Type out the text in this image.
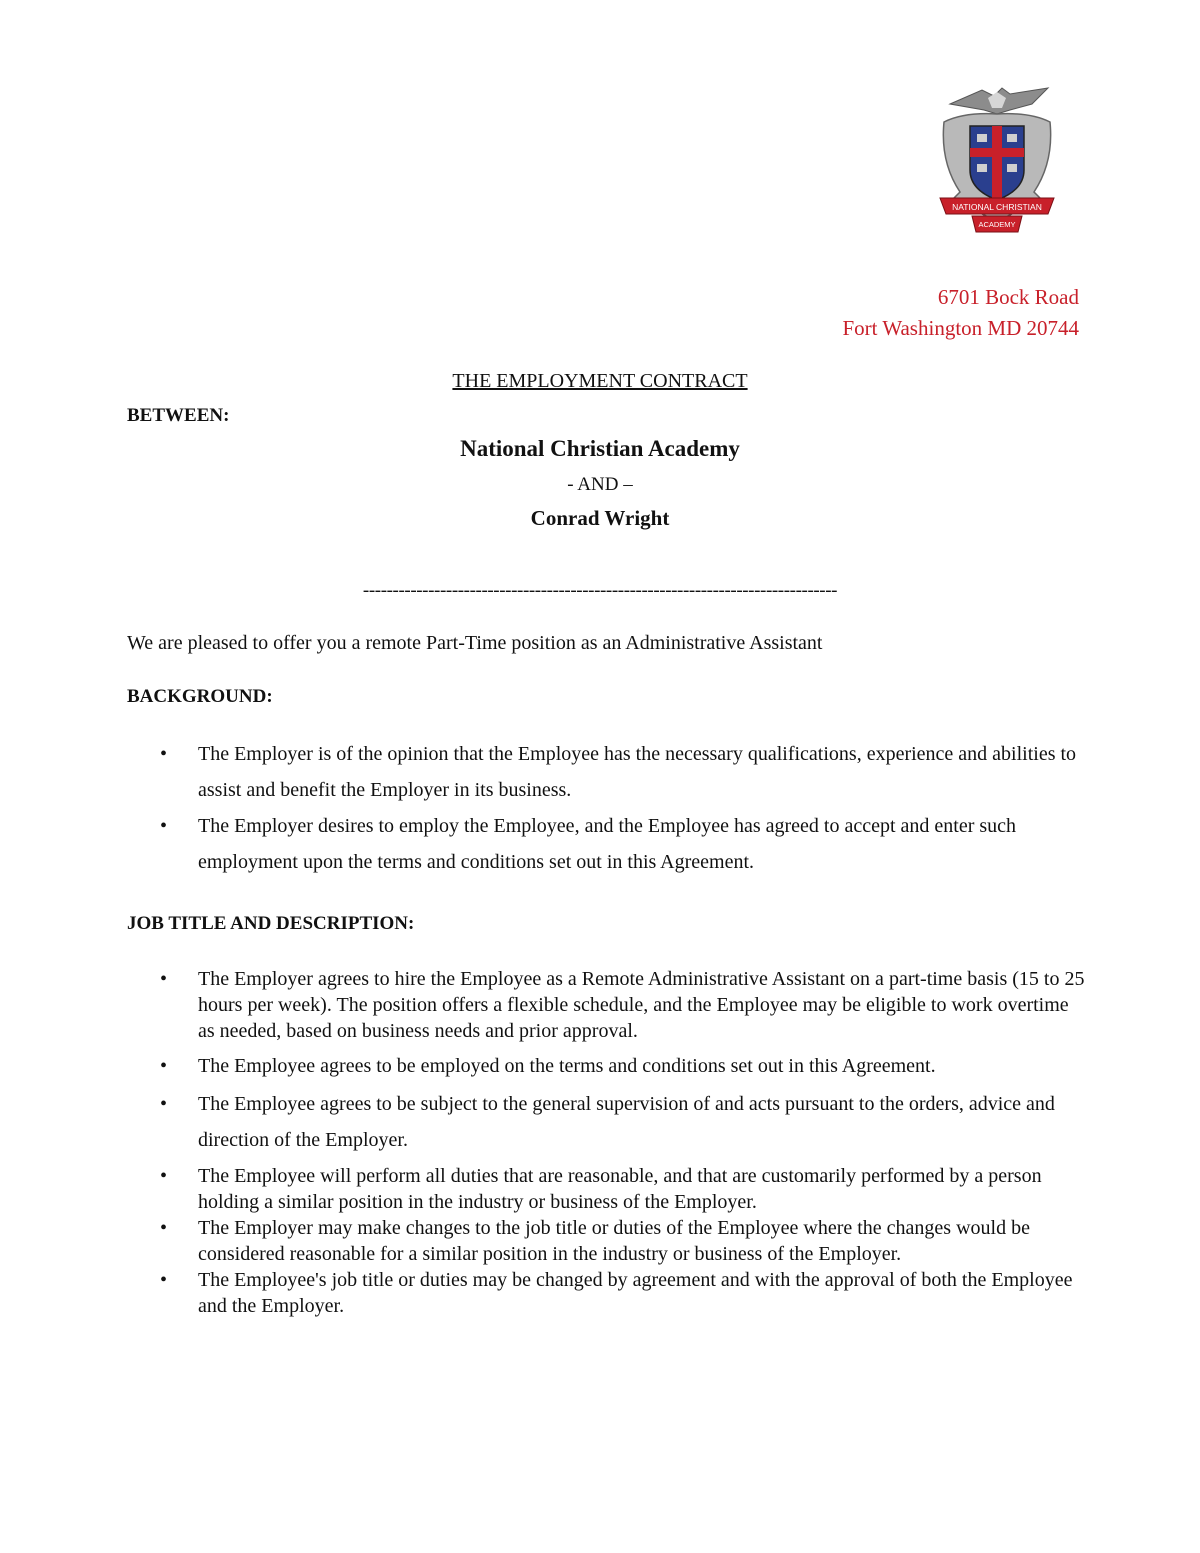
NATIONAL CHRISTIAN
ACADEMY
6701 Bock Road
Fort Washington MD 20744
THE EMPLOYMENT CONTRACT
BETWEEN:
National Christian Academy
- AND –
Conrad Wright
--------------------------------------------------------------------------------
We are pleased to offer you a remote Part-Time position as an Administrative Assistant
BACKGROUND:
• The Employer is of the opinion that the Employee has the necessary qualifications, experience and abilities to assist and benefit the Employer in its business.
• The Employer desires to employ the Employee, and the Employee has agreed to accept and enter such employment upon the terms and conditions set out in this Agreement.
JOB TITLE AND DESCRIPTION:
• The Employer agrees to hire the Employee as a Remote Administrative Assistant on a part-time basis (15 to 25 hours per week). The position offers a flexible schedule, and the Employee may be eligible to work overtime as needed, based on business needs and prior approval.
• The Employee agrees to be employed on the terms and conditions set out in this Agreement.
• The Employee agrees to be subject to the general supervision of and acts pursuant to the orders, advice and direction of the Employer.
• The Employee will perform all duties that are reasonable, and that are customarily performed by a person holding a similar position in the industry or business of the Employer.
• The Employer may make changes to the job title or duties of the Employee where the changes would be considered reasonable for a similar position in the industry or business of the Employer.
• The Employee's job title or duties may be changed by agreement and with the approval of both the Employee and the Employer.
